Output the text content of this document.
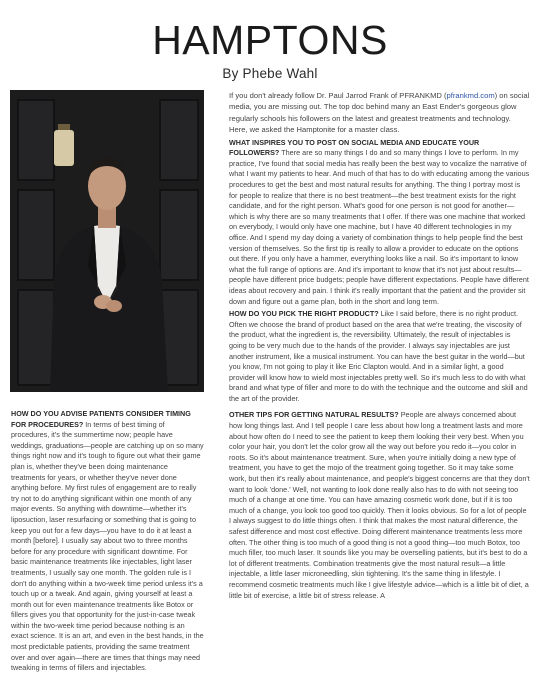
HAMPTONS
By Phebe Wahl

If you don't already follow Dr. Paul Jarrod Frank of PFRANKMD (pfrankmd.com) on social media, you are missing out. The top doc behind many an East Ender's gorgeous glow regularly schools his followers on the latest and greatest treatments and technology. Here, we asked the Hamptonite for a master class.

WHAT INSPIRES YOU TO POST ON SOCIAL MEDIA AND EDUCATE YOUR FOLLOWERS? There are so many things I do and so many things I love to perform. In my practice, I've found that social media has really been the best way to vocalize the narrative of what I want my patients to hear. And much of that has to do with educating among the various procedures to get the best and most natural results for anything. The thing I portray most is for people to realize that there is no best treatment—the best treatment exists for the right candidate, and for the right person. What's good for one person is not good for another—which is why there are so many treatments that I offer. If there was one machine that worked on everybody, I would only have one machine, but I have 40 different technologies in my office. And I spend my day doing a variety of combination things to help people find the best version of themselves. So the first tip is really to allow a provider to educate on the options out there. If you only have a hammer, everything looks like a nail. So it's important to know what the full range of options are. And it's important to know that it's not just about results—people have different price budgets; people have different expectations. People have different ideas about recovery and pain. I think it's really important that the patient and the provider sit down and figure out a game plan, both in the short and long term.

HOW DO YOU PICK THE RIGHT PRODUCT? Like I said before, there is no right product. Often we choose the brand of product based on the area that we're treating, the viscosity of the product, what the ingredient is, the reversibility. Ultimately, the result of injectables is going to be very much due to the hands of the provider. I always say injectables are just another instrument, like a musical instrument. You can have the best guitar in the world—but you know, I'm not going to play it like Eric Clapton would. And in a similar light, a good provider will know how to wield most injectables pretty well. So it's much less to do with what brand and what type of filler and more to do with the technique and the outcome and skill and the art of the provider.

OTHER TIPS FOR GETTING NATURAL RESULTS? People are always concerned about how long things last. And I tell people I care less about how long a treatment lasts and more about how often do I need to see the patient to keep them looking their very best. When you color your hair, you don't let the color grow all the way out before you redo it—you color in roots. So it's about maintenance treatment. Sure, when you're initially doing a new type of treatment, you have to get the mojo of the treatment going together. So it may take some work, but then it's really about maintenance, and people's biggest concerns are that they don't want to look 'done.' Well, not wanting to look done really also has to do with not seeing too much of a change at one time. You can have amazing cosmetic work done, but if it is too much of a change, you look too good too quickly. Then it looks obvious. So for a lot of people I always suggest to do little things often. I think that makes the most natural difference, the safest difference and most cost effective. Doing different maintenance treatments less more often. The other thing is too much of a good thing is not a good thing—too much Botox, too much filler, too much laser. It sounds like you may be overselling patients, but it's best to do a lot of different treatments. Combination treatments give the most natural result—a little injectable, a little laser microneedling, skin tightening. It's the same thing in lifestyle. I recommend cosmetic treatments much like I give lifestyle advice—which is a little bit of diet, a little bit of exercise, a little bit of stress release. A

HOW DO YOU ADVISE PATIENTS CONSIDER TIMING FOR PROCEDURES? In terms of best timing of procedures, it's the summertime now; people have weddings, graduations—people are catching up on so many things right now and it's tough to figure out what their game plan is, whether they've been doing maintenance treatments for years, or whether they've never done anything before. My first rules of engagement are to really try not to do anything significant within one month of any major events. So anything with downtime—whether it's liposuction, laser resurfacing or something that is going to keep you out for a few days—you have to do it at least a month [before]. I usually say about two to three months before for any procedure with significant downtime. For basic maintenance treatments like injectables, light laser treatments, I usually say one month. The golden rule is I don't do anything within a two-week time period unless it's a touch up or a tweak. And again, giving yourself at least a month out for even maintenance treatments like Botox or fillers gives you that opportunity for the just-in-case tweak within the two-week time period because nothing is an exact science. It is an art, and even in the best hands, in the most predictable patients, providing the same treatment over and over again—there are times that things may need tweaking in terms of fillers and injectables.
